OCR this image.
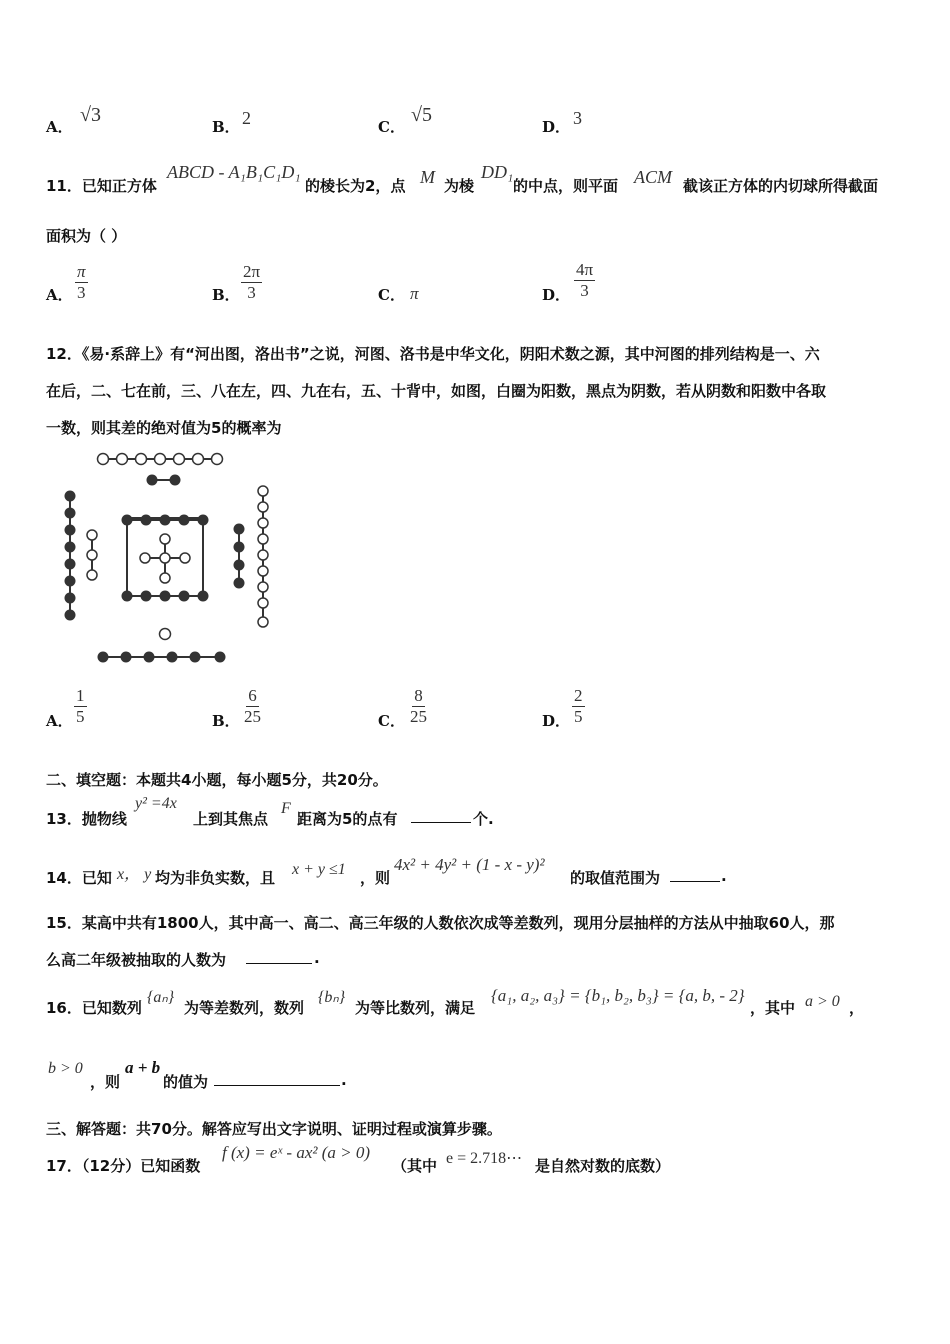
A．
√3
B． 2	C．
√5
D． 3
11．已知正方体
ABCD - A₁B₁C₁D₁
的棱长为2，点 M 为棱
DD₁
的中点，则平面 ACM 截该正方体的内切球所得截面
面积为（ ）
A． $\frac{\pi}{3}$	B． $\frac{2\pi}{3}$	C． π	D． $\frac{4\pi}{3}$
12．《易·系辞上》有“河出图，洛出书”之说，河图、洛书是中华文化，阴阳术数之源，其中河图的排列结构是一、六
在后，二、七在前，三、八在左，四、九在右，五、十背中，如图，白圈为阳数，黑点为阴数，若从阴数和阳数中各取
一数，则其差的绝对值为5的概率为
A． $\frac{1}{5}$	B． $\frac{6}{25}$	C． $\frac{8}{25}$	D． $\frac{2}{5}$
二、填空题：本题共4小题，每小题5分，共20分。
13．抛物线
y² =4x
上到其焦点
F
距离为5的点有	个.
14．已知 x， y 均为非负实数，且 x + y ≤1 ，则
4x² + 4y² + (1 - x - y)²
的取值范围为	.
15．某高中共有1800人，其中高一、高二、高三年级的人数依次成等差数列，现用分层抽样的方法从中抽取60人，那
么高二年级被抽取的人数为	.
16．已知数列
{aₙ}
为等差数列，数列
{bₙ}
为等比数列，满足
{a₁, a₂, a₃} = {b₁, b₂, b₃} = {a, b, - 2}
，其中 a > 0 ，
b > 0
，则
a + b
的值为	.
三、解答题：共70分。解答应写出文字说明、证明过程或演算步骤。
17．（12分）已知函数
f (x) = eˣ - ax² (a > 0)
（其中 e = 2.718⋯ 是自然对数的底数）
